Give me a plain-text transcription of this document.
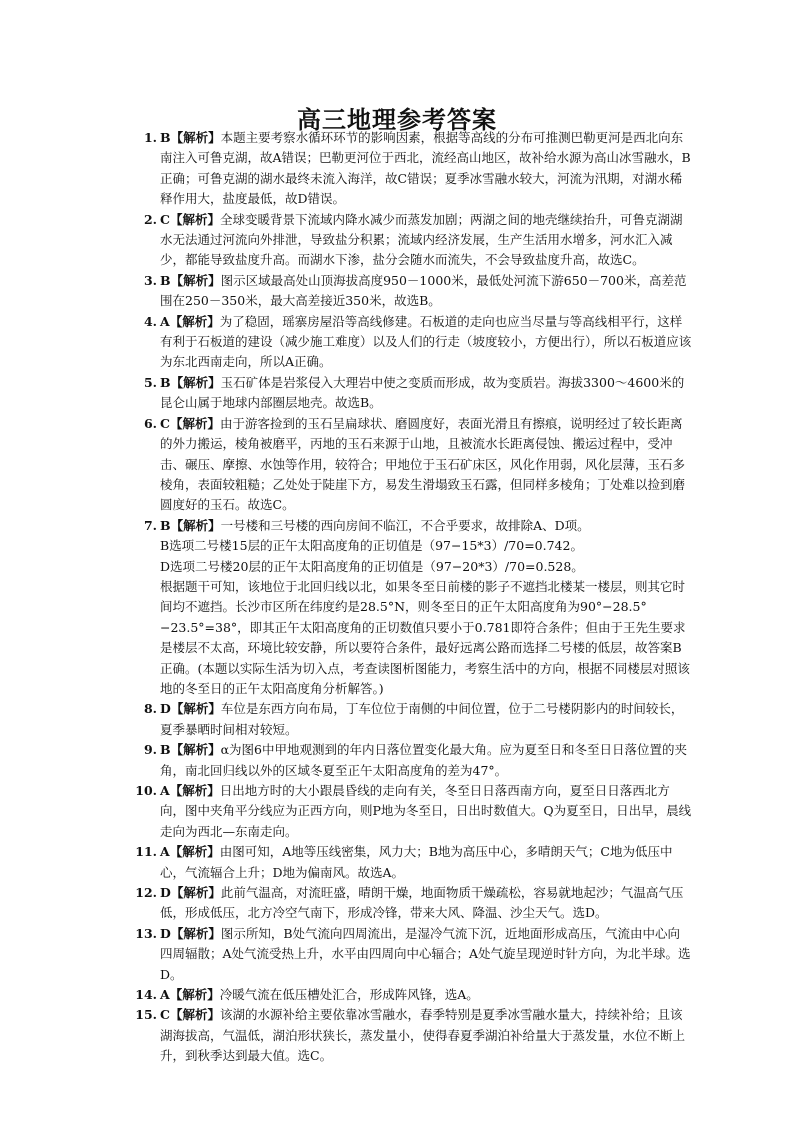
高三地理参考答案
1. B【解析】本题主要考察水循环环节的影响因素，根据等高线的分布可推测巴勒更河是西北向东南注入可鲁克湖，故A错误；巴勒更河位于西北，流经高山地区，故补给水源为高山冰雪融水，B正确；可鲁克湖的湖水最终未流入海洋，故C错误；夏季冰雪融水较大，河流为汛期，对湖水稀释作用大，盐度最低，故D错误。
2. C【解析】全球变暖背景下流域内降水减少而蒸发加剧；两湖之间的地壳继续抬升，可鲁克湖湖水无法通过河流向外排泄，导致盐分积累；流域内经济发展，生产生活用水增多，河水汇入减少，都能导致盐度升高。而湖水下渗，盐分会随水而流失，不会导致盐度升高，故选C。
3. B【解析】图示区域最高处山顶海拔高度950－1000米，最低处河流下游650－700米，高差范围在250－350米，最大高差接近350米，故选B。
4. A【解析】为了稳固，瑶寨房屋沿等高线修建。石板道的走向也应当尽量与等高线相平行，这样有利于石板道的建设（减少施工难度）以及人们的行走（坡度较小，方便出行），所以石板道应该为东北西南走向，所以A正确。
5. B【解析】玉石矿体是岩浆侵入大理岩中使之变质而形成，故为变质岩。海拔3300～4600米的昆仑山属于地球内部圈层地壳。故选B。
6. C【解析】由于游客捡到的玉石呈扁球状、磨圆度好，表面光滑且有擦痕，说明经过了较长距离的外力搬运，棱角被磨平，丙地的玉石来源于山地，且被流水长距离侵蚀、搬运过程中，受冲击、碾压、摩擦、水蚀等作用，较符合；甲地位于玉石矿床区，风化作用弱，风化层薄，玉石多棱角，表面较粗糙；乙处处于陡崖下方，易发生滑塌致玉石露，但同样多棱角；丁处难以捡到磨圆度好的玉石。故选C。
7. B【解析】一号楼和三号楼的西向房间不临江，不合乎要求，故排除A、D项。
B选项二号楼15层的正午太阳高度角的正切值是（97−15*3）/70=0.742。
D选项二号楼20层的正午太阳高度角的正切值是（97−20*3）/70=0.528。
根据题干可知，该地位于北回归线以北，如果冬至日前楼的影子不遮挡北楼某一楼层，则其它时间均不遮挡。长沙市区所在纬度约是28.5°N，则冬至日的正午太阳高度角为90°−28.5°−23.5°=38°，即其正午太阳高度角的正切数值只要小于0.781即符合条件；但由于王先生要求是楼层不太高，环境比较安静，所以要符合条件，最好远离公路而选择二号楼的低层，故答案B正确。(本题以实际生活为切入点，考查读图析图能力，考察生活中的方向，根据不同楼层对照该地的冬至日的正午太阳高度角分析解答。)
8. D【解析】车位是东西方向布局，丁车位位于南侧的中间位置，位于二号楼阴影内的时间较长，夏季暴晒时间相对较短。
9. B【解析】α为图6中甲地观测到的年内日落位置变化最大角。应为夏至日和冬至日日落位置的夹角，南北回归线以外的区域冬夏至正午太阳高度角的差为47°。
10. A【解析】日出地方时的大小跟晨昏线的走向有关，冬至日日落西南方向，夏至日日落西北方向，图中夹角平分线应为正西方向，则P地为冬至日，日出时数值大。Q为夏至日，日出早，晨线走向为西北—东南走向。
11. A【解析】由图可知，A地等压线密集，风力大；B地为高压中心，多晴朗天气；C地为低压中心，气流辐合上升；D地为偏南风。故选A。
12. D【解析】此前气温高，对流旺盛，晴朗干燥，地面物质干燥疏松，容易就地起沙；气温高气压低，形成低压，北方冷空气南下，形成冷锋，带来大风、降温、沙尘天气。选D。
13. D【解析】图示所知，B处气流向四周流出，是湿冷气流下沉，近地面形成高压，气流由中心向四周辐散；A处气流受热上升，水平由四周向中心辐合；A处气旋呈现逆时针方向，为北半球。选D。
14. A【解析】冷暖气流在低压槽处汇合，形成阵风锋，选A。
15. C【解析】该湖的水源补给主要依靠冰雪融水，春季特别是夏季冰雪融水量大，持续补给；且该湖海拔高，气温低，湖泊形状狭长，蒸发量小，使得春夏季湖泊补给量大于蒸发量，水位不断上升，到秋季达到最大值。选C。
